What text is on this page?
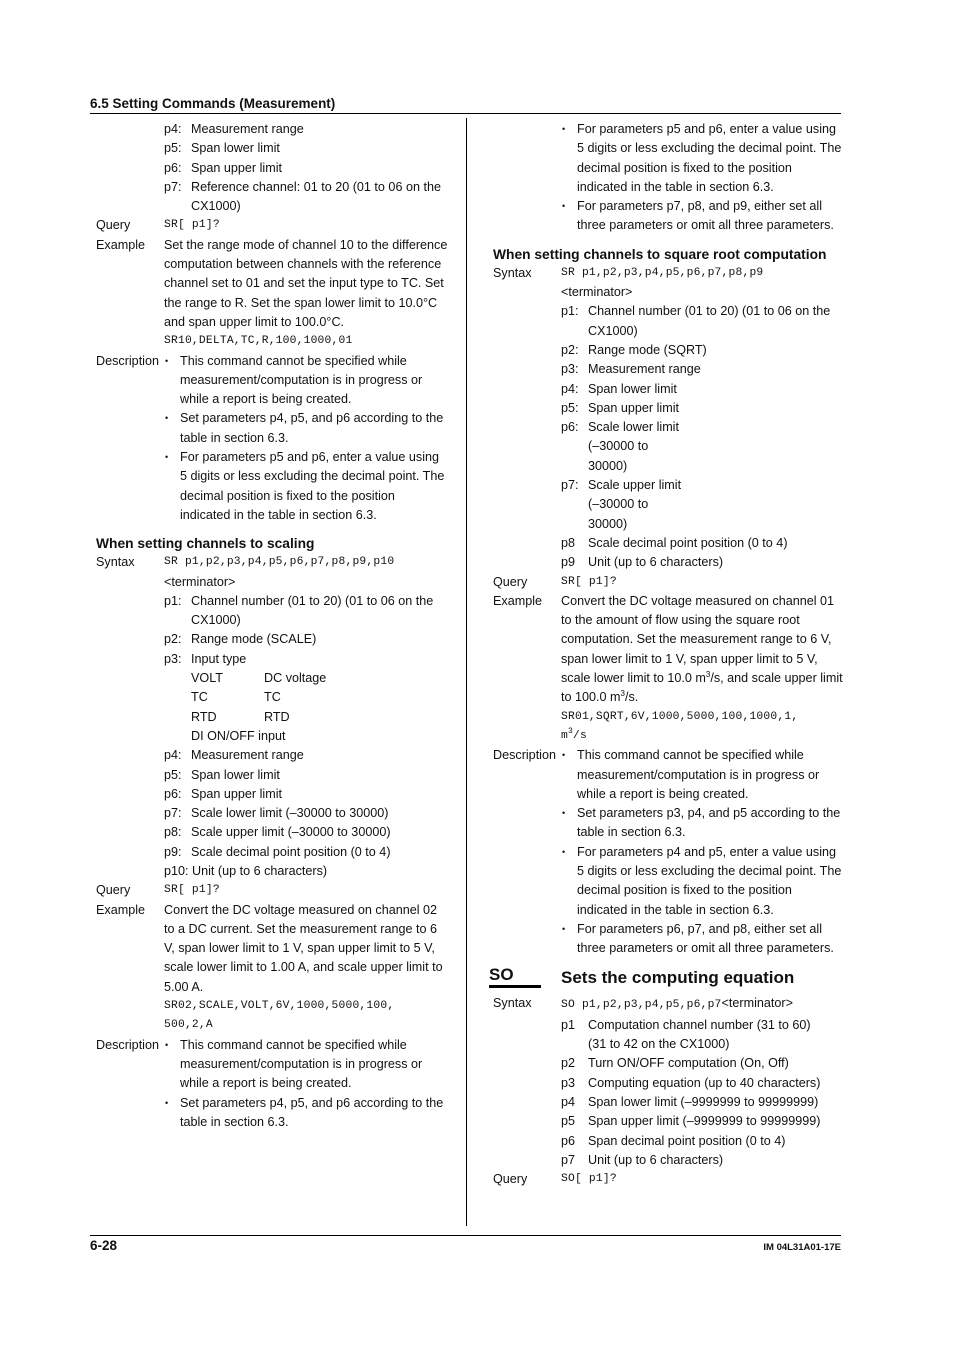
6.5 Setting Commands (Measurement)
p4: Measurement range
p5: Span lower limit
p6: Span upper limit
p7: Reference channel: 01 to 20 (01 to 06 on the CX1000)
Query	SR[ p1]?
Example	Set the range mode of channel 10 to the difference computation between channels with the reference channel set to 01 and set the input type to TC. Set the range to R. Set the span lower limit to 10.0°C and span upper limit to 100.0°C.
SR10,DELTA,TC,R,100,1000,01
Description • This command cannot be specified while measurement/computation is in progress or while a report is being created.
• Set parameters p4, p5, and p6 according to the table in section 6.3.
• For parameters p5 and p6, enter a value using 5 digits or less excluding the decimal point. The decimal position is fixed to the position indicated in the table in section 6.3.
When setting channels to scaling
Syntax	SR p1,p2,p3,p4,p5,p6,p7,p8,p9,p10
<terminator>
p1: Channel number (01 to 20) (01 to 06 on the CX1000)
p2: Range mode (SCALE)
p3: Input type
VOLT	DC voltage
TC	TC
RTD	RTD
DI ON/OFF input
p4: Measurement range
p5: Span lower limit
p6: Span upper limit
p7: Scale lower limit (–30000 to 30000)
p8: Scale upper limit (–30000 to 30000)
p9: Scale decimal point position (0 to 4)
p10: Unit (up to 6 characters)
Query	SR[ p1]?
Example	Convert the DC voltage measured on channel 02 to a DC current. Set the measurement range to 6 V, span lower limit to 1 V, span upper limit to 5 V, scale lower limit to 1.00 A, and scale upper limit to 5.00 A.
SR02,SCALE,VOLT,6V,1000,5000,100,
500,2,A
Description • This command cannot be specified while measurement/computation is in progress or while a report is being created.
• Set parameters p4, p5, and p6 according to the table in section 6.3.
• For parameters p5 and p6, enter a value using 5 digits or less excluding the decimal point. The decimal position is fixed to the position indicated in the table in section 6.3.
• For parameters p7, p8, and p9, either set all three parameters or omit all three parameters.
When setting channels to square root computation
Syntax	SR p1,p2,p3,p4,p5,p6,p7,p8,p9
<terminator>
p1: Channel number (01 to 20) (01 to 06 on the CX1000)
p2: Range mode (SQRT)
p3: Measurement range
p4: Span lower limit
p5: Span upper limit
p6: Scale lower limit (–30000 to 30000)
p7: Scale upper limit (–30000 to 30000)
p8	Scale decimal point position (0 to 4)
p9	Unit (up to 6 characters)
Query	SR[ p1]?
Example	Convert the DC voltage measured on channel 01 to the amount of flow using the square root computation. Set the measurement range to 6 V, span lower limit to 1 V, span upper limit to 5 V, scale lower limit to 10.0 $m^3/s$, and scale upper limit to 100.0 $m^3/s$.
SR01,SQRT,6V,1000,5000,100,1000,1,
$m^3/s$
Description • This command cannot be specified while measurement/computation is in progress or while a report is being created.
• Set parameters p3, p4, and p5 according to the table in section 6.3.
• For parameters p4 and p5, enter a value using 5 digits or less excluding the decimal point. The decimal position is fixed to the position indicated in the table in section 6.3.
• For parameters p6, p7, and p8, either set all three parameters or omit all three parameters.
SO	Sets the computing equation
Syntax	SO p1,p2,p3,p4,p5,p6,p7<terminator>
p1	Computation channel number (31 to 60) (31 to 42 on the CX1000)
p2	Turn ON/OFF computation (On, Off)
p3	Computing equation (up to 40 characters)
p4	Span lower limit (–9999999 to 99999999)
p5	Span upper limit (–9999999 to 99999999)
p6	Span decimal point position (0 to 4)
p7	Unit (up to 6 characters)
Query	SO[ p1]?
6-28	IM 04L31A01-17E
